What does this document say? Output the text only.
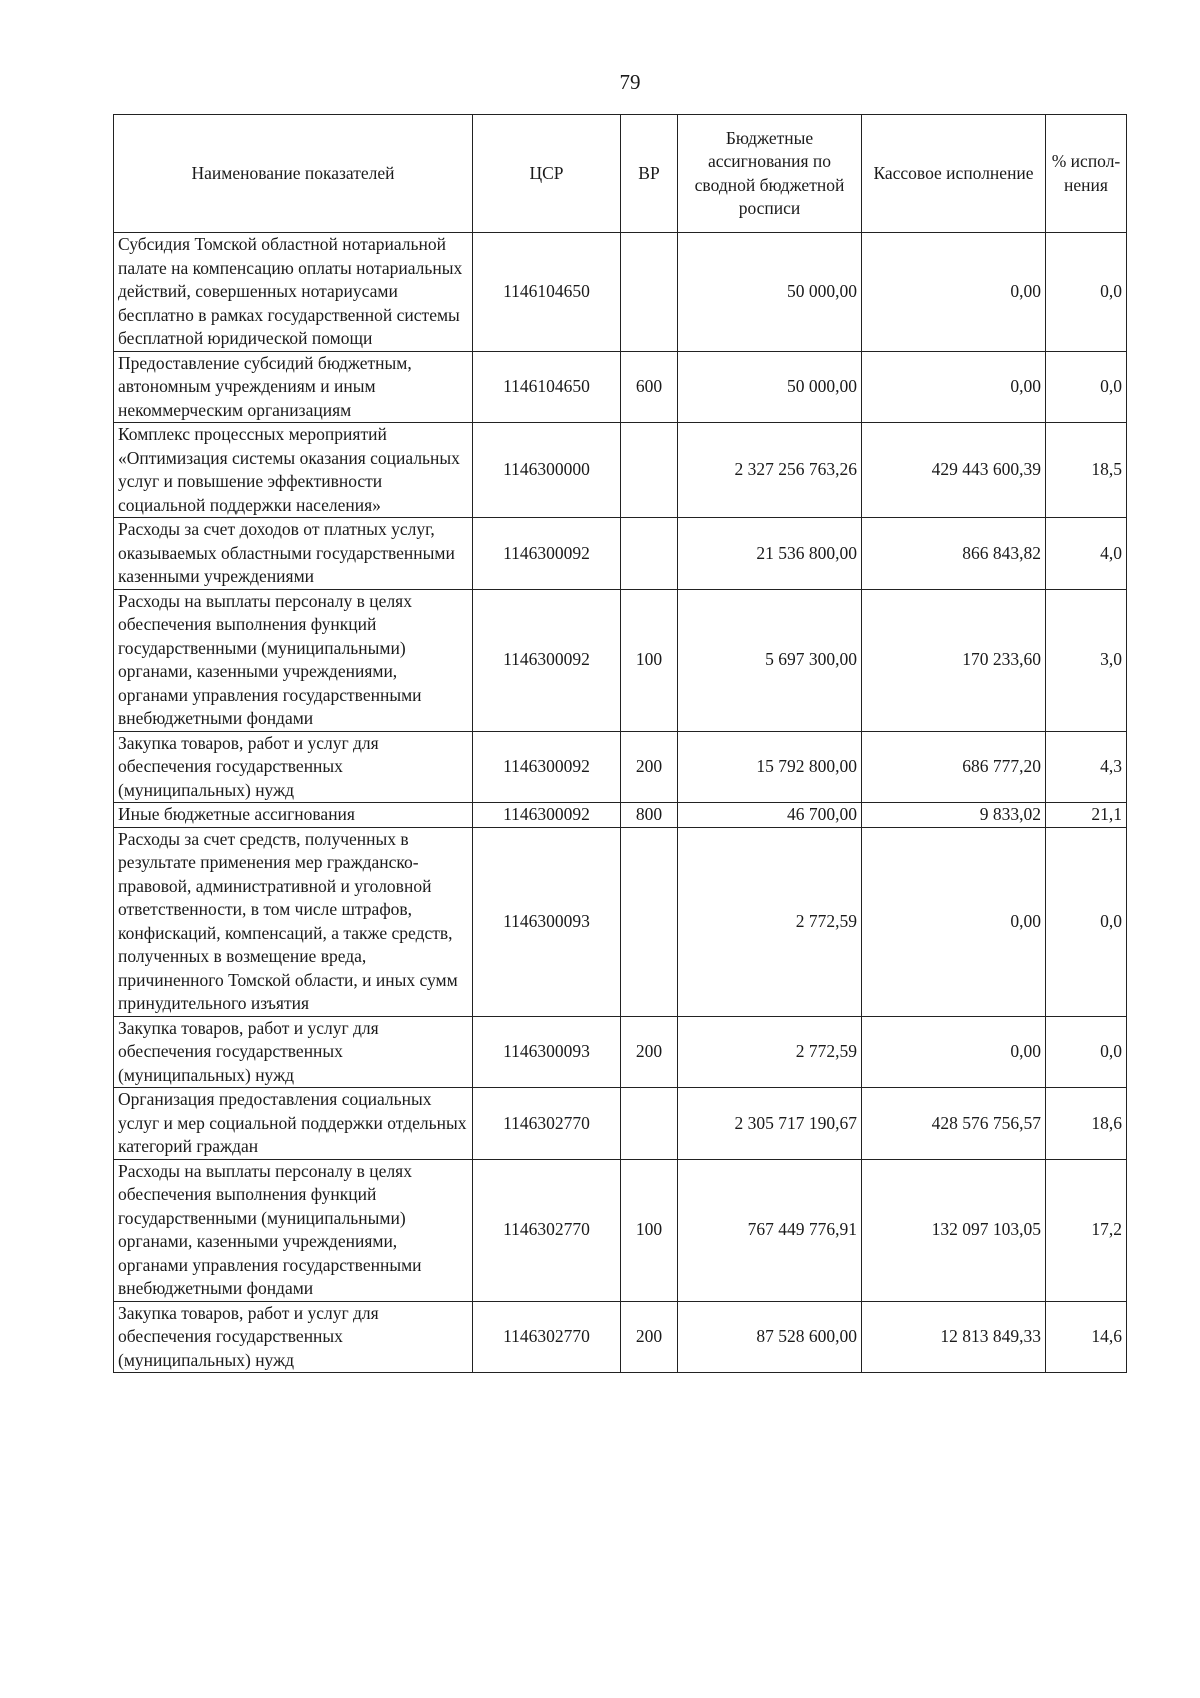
79
Наименование показателей	ЦСР	ВР	Бюджетные ассигнования по сводной бюджетной росписи	Кассовое исполнение	% испол-нения
Субсидия Томской областной нотариальной палате на компенсацию оплаты нотариальных действий, совершенных нотариусами бесплатно в рамках государственной системы бесплатной юридической помощи	1146104650		50 000,00	0,00	0,0
Предоставление субсидий бюджетным, автономным учреждениям и иным некоммерческим организациям	1146104650	600	50 000,00	0,00	0,0
Комплекс процессных мероприятий «Оптимизация системы оказания социальных услуг и повышение эффективности социальной поддержки населения»	1146300000		2 327 256 763,26	429 443 600,39	18,5
Расходы за счет доходов от платных услуг, оказываемых областными государственными казенными учреждениями	1146300092		21 536 800,00	866 843,82	4,0
Расходы на выплаты персоналу в целях обеспечения выполнения функций государственными (муниципальными) органами, казенными учреждениями, органами управления государственными внебюджетными фондами	1146300092	100	5 697 300,00	170 233,60	3,0
Закупка товаров, работ и услуг для обеспечения государственных (муниципальных) нужд	1146300092	200	15 792 800,00	686 777,20	4,3
Иные бюджетные ассигнования	1146300092	800	46 700,00	9 833,02	21,1
Расходы за счет средств, полученных в результате применения мер гражданско-правовой, административной и уголовной ответственности, в том числе штрафов, конфискаций, компенсаций, а также средств, полученных в возмещение вреда, причиненного Томской области, и иных сумм принудительного изъятия	1146300093		2 772,59	0,00	0,0
Закупка товаров, работ и услуг для обеспечения государственных (муниципальных) нужд	1146300093	200	2 772,59	0,00	0,0
Организация предоставления социальных услуг и мер социальной поддержки отдельных категорий граждан	1146302770		2 305 717 190,67	428 576 756,57	18,6
Расходы на выплаты персоналу в целях обеспечения выполнения функций государственными (муниципальными) органами, казенными учреждениями, органами управления государственными внебюджетными фондами	1146302770	100	767 449 776,91	132 097 103,05	17,2
Закупка товаров, работ и услуг для обеспечения государственных (муниципальных) нужд	1146302770	200	87 528 600,00	12 813 849,33	14,6
